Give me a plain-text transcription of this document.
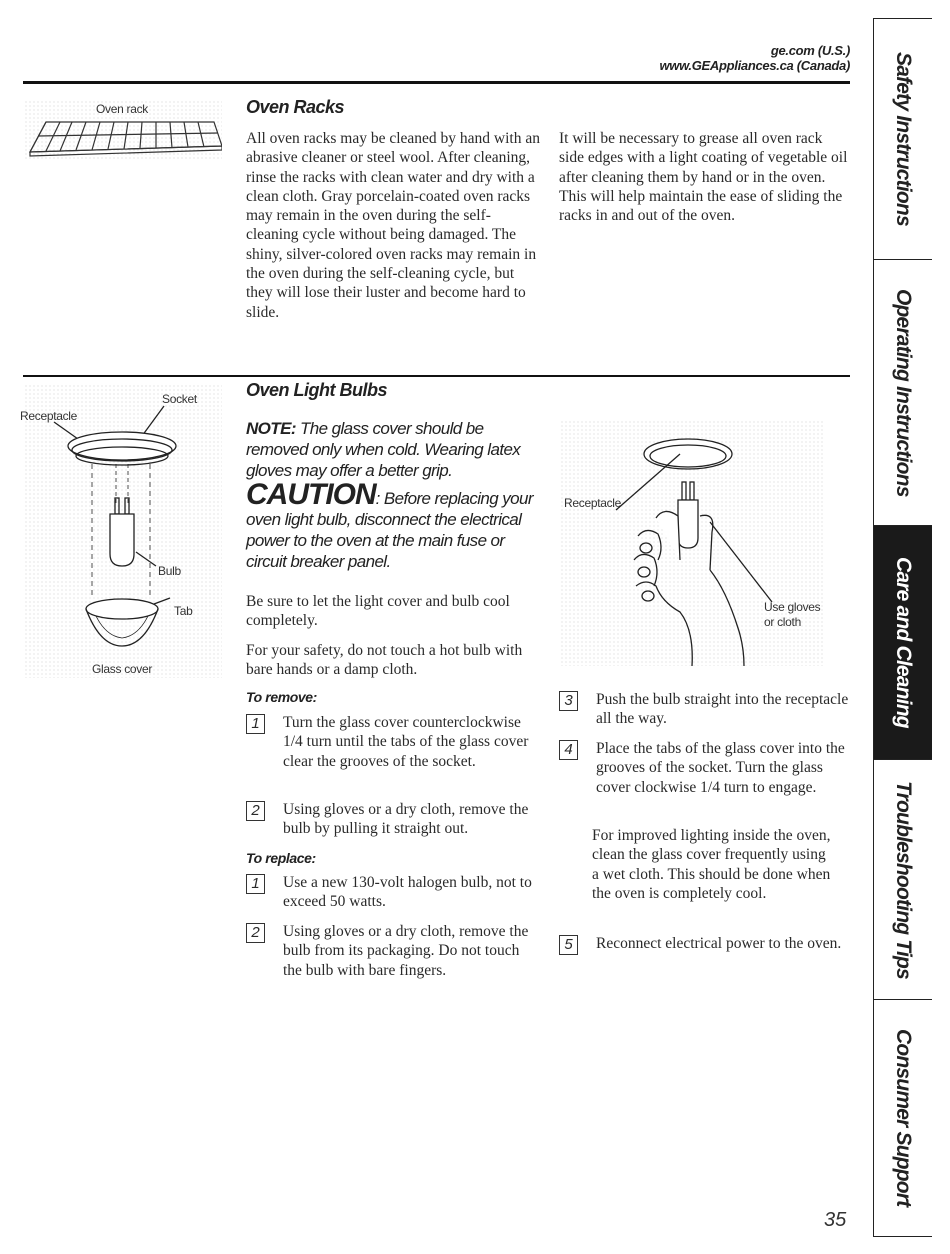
ge.com (U.S.)
www.GEAppliances.ca (Canada)
Oven rack	Oven Racks
All oven racks may be cleaned by hand with an abrasive cleaner or steel wool. After cleaning, rinse the racks with clean water and dry with a clean cloth. Gray porcelain-coated oven racks may remain in the oven during the self-cleaning cycle without being damaged. The shiny, silver-colored oven racks may remain in the oven during the self-cleaning cycle, but they will lose their luster and become hard to slide.
It will be necessary to grease all oven rack side edges with a light coating of vegetable oil after cleaning them by hand or in the oven. This will help maintain the ease of sliding the racks in and out of the oven.
Socket
Receptacle
Bulb
Tab
Glass cover
Oven Light Bulbs
NOTE: The glass cover should be removed only when cold. Wearing latex gloves may offer a better grip.
CAUTION: Before replacing your oven light bulb, disconnect the electrical power to the oven at the main fuse or circuit breaker panel.
Be sure to let the light cover and bulb cool completely.
For your safety, do not touch a hot bulb with bare hands or a damp cloth.
To remove:
1	Turn the glass cover counterclockwise 1/4 turn until the tabs of the glass cover clear the grooves of the socket.
2	Using gloves or a dry cloth, remove the bulb by pulling it straight out.
To replace:
1	Use a new 130-volt halogen bulb, not to exceed 50 watts.
2	Using gloves or a dry cloth, remove the bulb from its packaging. Do not touch the bulb with bare fingers.
Receptacle
Use gloves or cloth
3	Push the bulb straight into the receptacle all the way.
4	Place the tabs of the glass cover into the grooves of the socket. Turn the glass cover clockwise 1/4 turn to engage.
For improved lighting inside the oven, clean the glass cover frequently using a wet cloth. This should be done when the oven is completely cool.
5	Reconnect electrical power to the oven.
35
Safety Instructions
Operating Instructions
Care and Cleaning
Troubleshooting Tips
Consumer Support
